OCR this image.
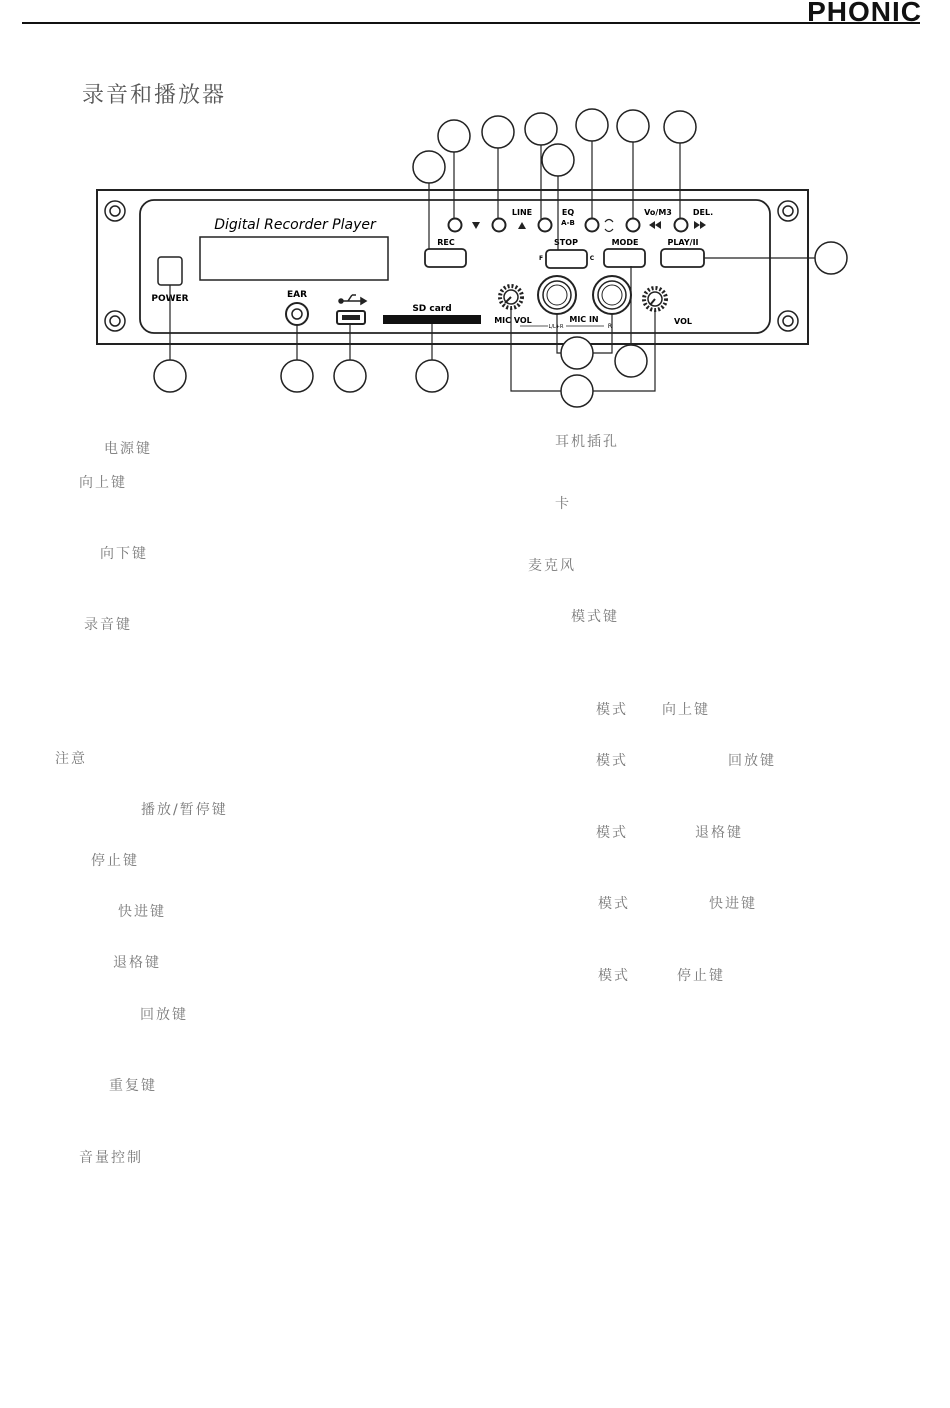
PHONIC
录音和播放器
Digital Recorder Player
POWER	EAR
SD card
MIC VOL	MIC IN
L/L+R	R
VOL
LINE	EQ
A-B
Vo/M3	DEL.
REC	STOP
F	C
MODE	PLAY/II
电源键
向上键
向下键
录音键
注意
播放/暂停键
停止键
快进键
退格键
回放键
重复键
音量控制
耳机插孔
卡
麦克风
模式键
模式 向上键
模式	回放键
模式	退格键
模式	快进键
模式	停止键
